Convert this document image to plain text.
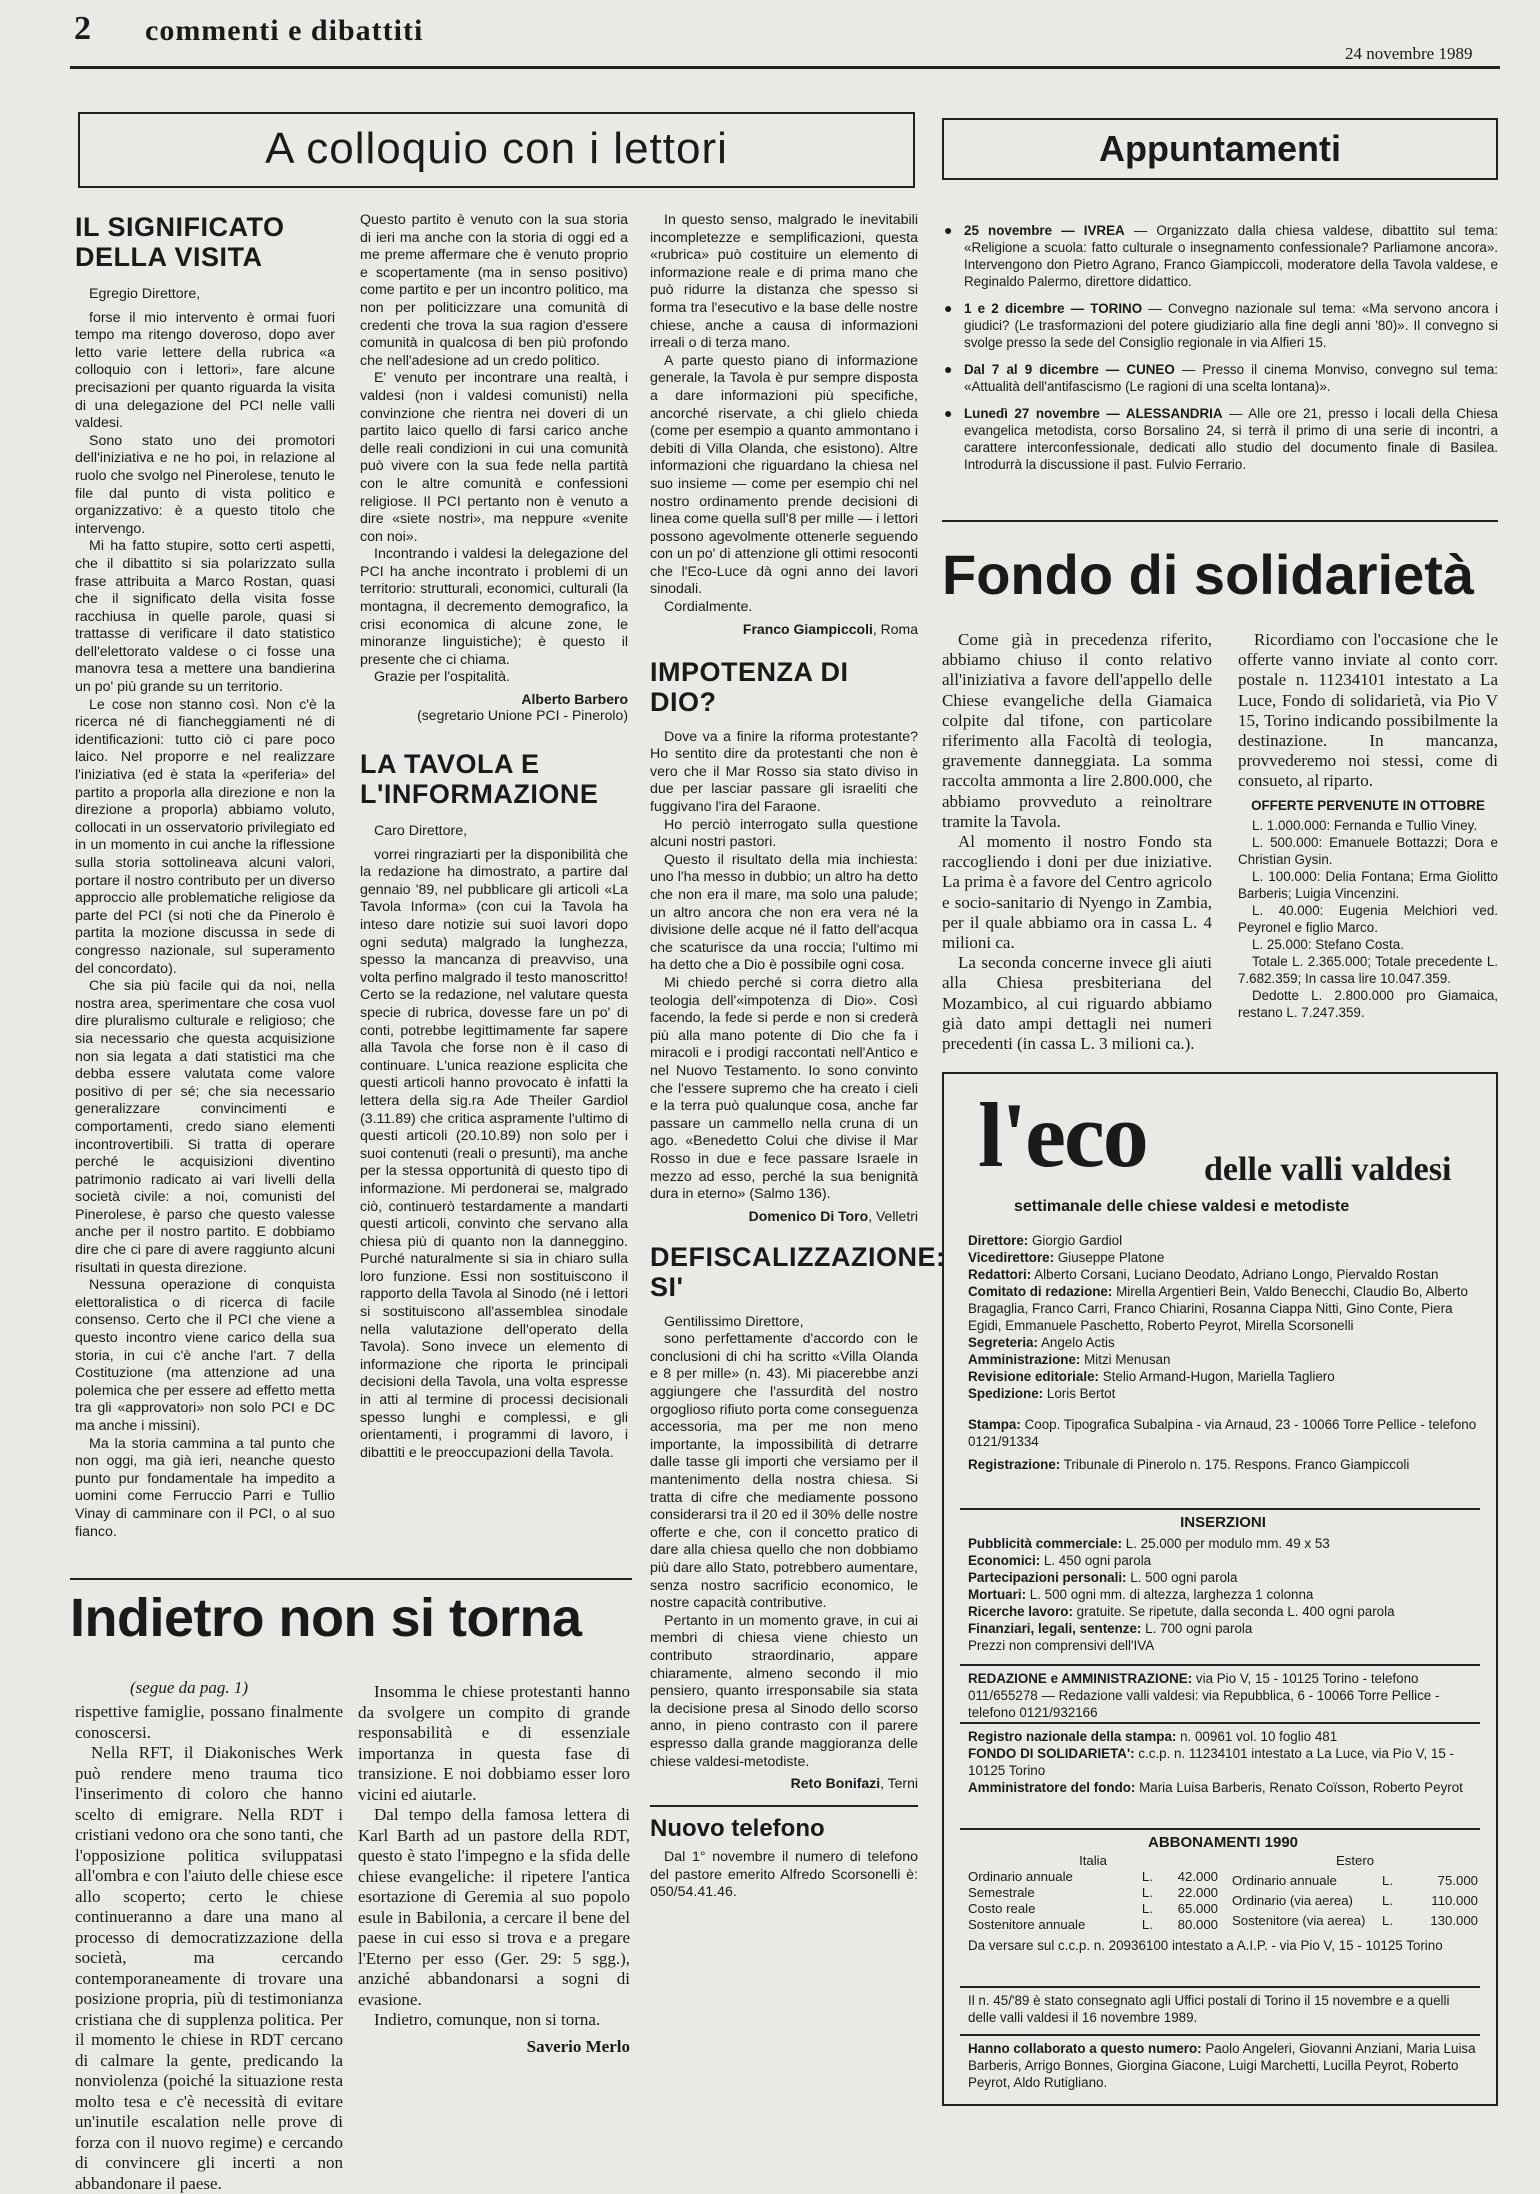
2 commenti e dibattiti
24 novembre 1989
A colloquio con i lettori
IL SIGNIFICATO DELLA VISITA

Egregio Direttore,

forse il mio intervento è ormai fuori tempo ma ritengo doveroso, dopo aver letto varie lettere della rubrica «a colloquio con i lettori», fare alcune precisazioni per quanto riguarda la visita di una delegazione del PCI nelle valli valdesi.

Sono stato uno dei promotori dell'iniziativa e ne ho poi, in relazione al ruolo che svolgo nel Pinerolese, tenuto le file dal punto di vista politico e organizzativo: è a questo titolo che intervengo.

Mi ha fatto stupire, sotto certi aspetti, che il dibattito si sia polarizzato sulla frase attribuita a Marco Rostan, quasi che il significato della visita fosse racchiusa in quelle parole, quasi si trattasse di verificare il dato statistico dell'elettorato valdese o ci fosse una manovra tesa a mettere una bandierina un po' più grande su un territorio.

Le cose non stanno così. Non c'è la ricerca né di fiancheggiamenti né di identificazioni: tutto ciò ci pare poco laico. Nel proporre e nel realizzare l'iniziativa (ed è stata la «periferia» del partito a proporla alla direzione e non la direzione a proporla) abbiamo voluto, collocati in un osservatorio privilegiato ed in un momento in cui anche la riflessione sulla storia sottolineava alcuni valori, portare il nostro contributo per un diverso approccio alle problematiche religiose da parte del PCI (si noti che da Pinerolo è partita la mozione discussa in sede di congresso nazionale, sul superamento del concordato).

Che sia più facile qui da noi, nella nostra area, sperimentare che cosa vuol dire pluralismo culturale e religioso; che sia necessario che questa acquisizione non sia legata a dati statistici ma che debba essere valutata come valore positivo di per sé; che sia necessario generalizzare convincimenti e comportamenti, credo siano elementi incontrovertibili. Si tratta di operare perché le acquisizioni diventino patrimonio radicato ai vari livelli della società civile: a noi, comunisti del Pinerolese, è parso che questo valesse anche per il nostro partito. E dobbiamo dire che ci pare di avere raggiunto alcuni risultati in questa direzione.

Nessuna operazione di conquista elettoralistica o di ricerca di facile consenso. Certo che il PCI che viene a questo incontro viene carico della sua storia, in cui c'è anche l'art. 7 della Costituzione (ma attenzione ad una polemica che per essere ad effetto metta tra gli «approvatori» non solo PCI e DC ma anche i missini).

Ma la storia cammina a tal punto che non oggi, ma già ieri, neanche questo punto pur fondamentale ha impedito a uomini come Ferruccio Parri e Tullio Vinay di camminare con il PCI, o al suo fianco.

Questo partito è venuto con la sua storia di ieri ma anche con la storia di oggi ed a me preme affermare che è venuto proprio e scopertamente (ma in senso positivo) come partito e per un incontro politico, ma non per politicizzare una comunità di credenti che trova la sua ragion d'essere comunità in qualcosa di ben più profondo che nell'adesione ad un credo politico.

E' venuto per incontrare una realtà, i valdesi (non i valdesi comunisti) nella convinzione che rientra nei doveri di un partito laico quello di farsi carico anche delle reali condizioni in cui una comunità può vivere con la sua fede nella partità con le altre comunità e confessioni religiose. Il PCI pertanto non è venuto a dire «siete nostri», ma neppure «venite con noi».

Incontrando i valdesi la delegazione del PCI ha anche incontrato i problemi di un territorio: strutturali, economici, culturali (la montagna, il decremento demografico, la crisi economica di alcune zone, le minoranze linguistiche); è questo il presente che ci chiama.

Grazie per l'ospitalità.

Alberto Barbero

(segretario Unione PCI - Pinerolo)

LA TAVOLA E L'INFORMAZIONE

Caro Direttore,

vorrei ringraziarti per la disponibilità che la redazione ha dimostrato, a partire dal gennaio '89, nel pubblicare gli articoli «La Tavola Informa» (con cui la Tavola ha inteso dare notizie sui suoi lavori dopo ogni seduta) malgrado la lunghezza, spesso la mancanza di preavviso, una volta perfino malgrado il testo manoscritto! Certo se la redazione, nel valutare questa specie di rubrica, dovesse fare un po' di conti, potrebbe legittimamente far sapere alla Tavola che forse non è il caso di continuare. L'unica reazione esplicita che questi articoli hanno provocato è infatti la lettera della sig.ra Ade Theiler Gardiol (3.11.89) che critica aspramente l'ultimo di questi articoli (20.10.89) non solo per i suoi contenuti (reali o presunti), ma anche per la stessa opportunità di questo tipo di informazione. Mi perdonerai se, malgrado ciò, continuerò testardamente a mandarti questi articoli, convinto che servano alla chiesa più di quanto non la danneggino. Purché naturalmente si sia in chiaro sulla loro funzione. Essi non sostituiscono il rapporto della Tavola al Sinodo (né i lettori si sostituiscono all'assemblea sinodale nella valutazione dell'operato della Tavola). Sono invece un elemento di informazione che riporta le principali decisioni della Tavola, una volta espresse in atti al termine di processi decisionali spesso lunghi e complessi, e gli orientamenti, i programmi di lavoro, i dibattiti e le preoccupazioni della Tavola.

In questo senso, malgrado le inevitabili incompletezze e semplificazioni, questa «rubrica» può costituire un elemento di informazione reale e di prima mano che può ridurre la distanza che spesso si forma tra l'esecutivo e la base delle nostre chiese, anche a causa di informazioni irreali o di terza mano.

A parte questo piano di informazione generale, la Tavola è pur sempre disposta a dare informazioni più specifiche, ancorché riservate, a chi glielo chieda (come per esempio a quanto ammontano i debiti di Villa Olanda, che esistono). Altre informazioni che riguardano la chiesa nel suo insieme — come per esempio chi nel nostro ordinamento prende decisioni di linea come quella sull'8 per mille — i lettori possono agevolmente ottenerle seguendo con un po' di attenzione gli ottimi resoconti che l'Eco-Luce dà ogni anno dei lavori sinodali.

Cordialmente.

Franco Giampiccoli, Roma

IMPOTENZA DI DIO?

Dove va a finire la riforma protestante? Ho sentito dire da protestanti che non è vero che il Mar Rosso sia stato diviso in due per lasciar passare gli israeliti che fuggivano l'ira del Faraone.

Ho perciò interrogato sulla questione alcuni nostri pastori.

Questo il risultato della mia inchiesta: uno l'ha messo in dubbio; un altro ha detto che non era il mare, ma solo una palude; un altro ancora che non era vera né la divisione delle acque né il fatto dell'acqua che scaturisce da una roccia; l'ultimo mi ha detto che a Dio è possibile ogni cosa.

Mi chiedo perché si corra dietro alla teologia dell'«impotenza di Dio». Così facendo, la fede si perde e non si crederà più alla mano potente di Dio che fa i miracoli e i prodigi raccontati nell'Antico e nel Nuovo Testamento. Io sono convinto che l'essere supremo che ha creato i cieli e la terra può qualunque cosa, anche far passare un cammello nella cruna di un ago. «Benedetto Colui che divise il Mar Rosso in due e fece passare Israele in mezzo ad esso, perché la sua benignità dura in eterno» (Salmo 136).

Domenico Di Toro, Velletri

DEFISCALIZZAZIONE: SI'

Gentilissimo Direttore,

sono perfettamente d'accordo con le conclusioni di chi ha scritto «Villa Olanda e 8 per mille» (n. 43). Mi piacerebbe anzi aggiungere che l'assurdità del nostro orgoglioso rifiuto porta come conseguenza accessoria, ma per me non meno importante, la impossibilità di detrarre dalle tasse gli importi che versiamo per il mantenimento della nostra chiesa. Si tratta di cifre che mediamente possono considerarsi tra il 20 ed il 30% delle nostre offerte e che, con il concetto pratico di dare alla chiesa quello che non dobbiamo più dare allo Stato, potrebbero aumentare, senza nostro sacrificio economico, le nostre capacità contributive.

Pertanto in un momento grave, in cui ai membri di chiesa viene chiesto un contributo straordinario, appare chiaramente, almeno secondo il mio pensiero, quanto irresponsabile sia stata la decisione presa al Sinodo dello scorso anno, in pieno contrasto con il parere espresso dalla grande maggioranza delle chiese valdesi-metodiste.

Reto Bonifazi, Terni

Nuovo telefono

Dal 1° novembre il numero di telefono del pastore emerito Alfredo Scorsonelli è: 050/54.41.46.

Indietro non si torna
(segue da pag. 1)

rispettive famiglie, possano finalmente conoscersi.

Nella RFT, il Diakonisches Werk può rendere meno trauma tico l'inserimento di coloro che hanno scelto di emigrare. Nella RDT i cristiani vedono ora che sono tanti, che l'opposizione politica sviluppatasi all'ombra e con l'aiuto delle chiese esce allo scoperto; certo le chiese continueranno a dare una mano al processo di democratizzazione della società, ma cercando contemporaneamente di trovare una posizione propria, più di testimonianza cristiana che di supplenza politica. Per il momento le chiese in RDT cercano di calmare la gente, predicando la nonviolenza (poiché la situazione resta molto tesa e c'è necessità di evitare un'inutile escalation nelle prove di forza con il nuovo regime) e cercando di convincere gli incerti a non abbandonare il paese.

Insomma le chiese protestanti hanno da svolgere un compito di grande responsabilità e di essenziale importanza in questa fase di transizione. E noi dobbiamo esser loro vicini ed aiutarle.

Dal tempo della famosa lettera di Karl Barth ad un pastore della RDT, questo è stato l'impegno e la sfida delle chiese evangeliche: il ripetere l'antica esortazione di Geremia al suo popolo esule in Babilonia, a cercare il bene del paese in cui esso si trova e a pregare l'Eterno per esso (Ger. 29: 5 sgg.), anziché abbandonarsi a sogni di evasione.

Indietro, comunque, non si torna.

Saverio Merlo

Appuntamenti
● 25 novembre — IVREA — Organizzato dalla chiesa valdese, dibattito sul tema: «Religione a scuola: fatto culturale o insegnamento confessionale? Parliamone ancora». Intervengono don Pietro Agrano, Franco Giampiccoli, moderatore della Tavola valdese, e Reginaldo Palermo, direttore didattico.

● 1 e 2 dicembre — TORINO — Convegno nazionale sul tema: «Ma servono ancora i giudici? (Le trasformazioni del potere giudiziario alla fine degli anni '80)». Il convegno si svolge presso la sede del Consiglio regionale in via Alfieri 15.

● Dal 7 al 9 dicembre — CUNEO — Presso il cinema Monviso, convegno sul tema: «Attualità dell'antifascismo (Le ragioni di una scelta lontana)».

● Lunedì 27 novembre — ALESSANDRIA — Alle ore 21, presso i locali della Chiesa evangelica metodista, corso Borsalino 24, si terrà il primo di una serie di incontri, a carattere interconfessionale, dedicati allo studio del documento finale di Basilea. Introdurrà la discussione il past. Fulvio Ferrario.

Fondo di solidarietà

Come già in precedenza riferito, abbiamo chiuso il conto relativo all'iniziativa a favore dell'appello delle Chiese evangeliche della Giamaica colpite dal tifone, con particolare riferimento alla Facoltà di teologia, gravemente danneggiata. La somma raccolta ammonta a lire 2.800.000, che abbiamo provveduto a reinoltrare tramite la Tavola.

Al momento il nostro Fondo sta raccogliendo i doni per due iniziative. La prima è a favore del Centro agricolo e socio-sanitario di Nyengo in Zambia, per il quale abbiamo ora in cassa L. 4 milioni ca.

La seconda concerne invece gli aiuti alla Chiesa presbiteriana del Mozambico, al cui riguardo abbiamo già dato ampi dettagli nei numeri precedenti (in cassa L. 3 milioni ca.).

Ricordiamo con l'occasione che le offerte vanno inviate al conto corr. postale n. 11234101 intestato a La Luce, Fondo di solidarietà, via Pio V 15, Torino indicando possibilmente la destinazione. In mancanza, provvederemo noi stessi, come di consueto, al riparto.

OFFERTE PERVENUTE IN OTTOBRE

L. 1.000.000: Fernanda e Tullio Viney.

L. 500.000: Emanuele Bottazzi; Dora e Christian Gysin.

L. 100.000: Delia Fontana; Erma Giolitto Barberis; Luigia Vincenzini.

L. 40.000: Eugenia Melchiori ved. Peyronel e figlio Marco.

L. 25.000: Stefano Costa.

Totale L. 2.365.000; Totale precedente L. 7.682.359; In cassa lire 10.047.359.

Dedotte L. 2.800.000 pro Giamaica, restano L. 7.247.359.

l'eco delle valli valdesi
settimanale delle chiese valdesi e metodiste

Direttore: Giorgio Gardiol

Vicedirettore: Giuseppe Platone

Redattori: Alberto Corsani, Luciano Deodato, Adriano Longo, Piervaldo Rostan

Comitato di redazione: Mirella Argentieri Bein, Valdo Benecchi, Claudio Bo, Alberto Bragaglia, Franco Carri, Franco Chiarini, Rosanna Ciappa Nitti, Gino Conte, Piera Egidi, Emmanuele Paschetto, Roberto Peyrot, Mirella Scorsonelli

Segreteria: Angelo Actis

Amministrazione: Mitzi Menusan

Revisione editoriale: Stelio Armand-Hugon, Mariella Tagliero

Spedizione: Loris Bertot

Stampa: Coop. Tipografica Subalpina - via Arnaud, 23 - 10066 Torre Pellice - telefono 0121/91334

Registrazione: Tribunale di Pinerolo n. 175. Respons. Franco Giampiccoli

INSERZIONI

Pubblicità commerciale: L. 25.000 per modulo mm. 49 x 53

Economici: L. 450 ogni parola

Partecipazioni personali: L. 500 ogni parola

Mortuari: L. 500 ogni mm. di altezza, larghezza 1 colonna

Ricerche lavoro: gratuite. Se ripetute, dalla seconda L. 400 ogni parola

Finanziari, legali, sentenze: L. 700 ogni parola

Prezzi non comprensivi dell'IVA

REDAZIONE e AMMINISTRAZIONE: via Pio V, 15 - 10125 Torino - telefono 011/655278 — Redazione valli valdesi: via Repubblica, 6 - 10066 Torre Pellice - telefono 0121/932166

Registro nazionale della stampa: n. 00961 vol. 10 foglio 481

FONDO DI SOLIDARIETA': c.c.p. n. 11234101 intestato a La Luce, via Pio V, 15 - 10125 Torino

Amministratore del fondo: Maria Luisa Barberis, Renato Coïsson, Roberto Peyrot

ABBONAMENTI 1990

Italia		
Ordinario annuale	L.	42.000
Semestrale	L.	22.000
Costo reale	L.	65.000
Sostenitore annuale	L.	80.000
Estero		
Ordinario annuale	L.	75.000
Ordinario (via aerea)	L.	110.000
Sostenitore (via aerea)	L.	130.000

Da versare sul c.c.p. n. 20936100 intestato a A.I.P. - via Pio V, 15 - 10125 Torino

Il n. 45/'89 è stato consegnato agli Uffici postali di Torino il 15 novembre e a quelli delle valli valdesi il 16 novembre 1989.

Hanno collaborato a questo numero: Paolo Angeleri, Giovanni Anziani, Maria Luisa Barberis, Arrigo Bonnes, Giorgina Giacone, Luigi Marchetti, Lucilla Peyrot, Roberto Peyrot, Aldo Rutigliano.
